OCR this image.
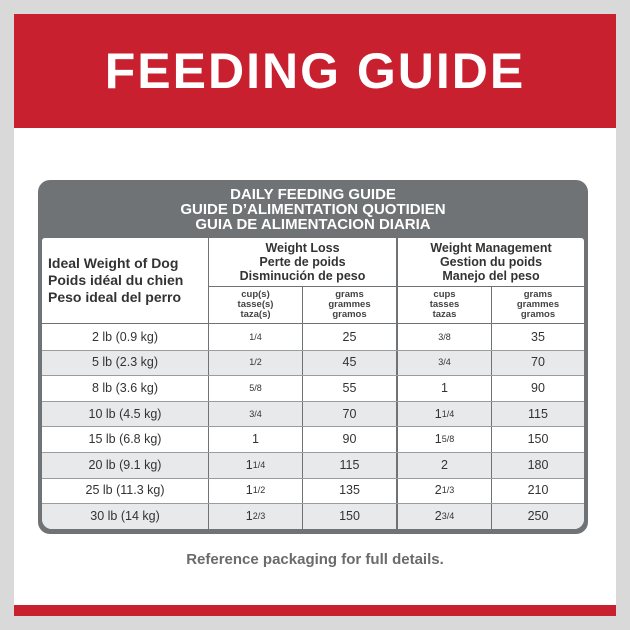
FEEDING GUIDE
DAILY FEEDING GUIDE
GUIDE D’ALIMENTATION QUOTIDIEN
GUIA DE ALIMENTACION DIARIA
Ideal Weight of Dog
Poids idéal du chien
Peso ideal del perro
Weight Loss
Perte de poids
Disminución de peso
Weight Management
Gestion du poids
Manejo del peso
cup(s)
tasse(s)
taza(s)
grams
grammes
gramos
cups
tasses
tazas
grams
grammes
gramos
2 lb (0.9 kg)	1/4	25	3/8	35
5 lb (2.3 kg)	1/2	45	3/4	70
8 lb (3.6 kg)	5/8	55	1	90
10 lb (4.5 kg)	3/4	70	1 1/4	115
15 lb (6.8 kg)	1	90	1 5/8	150
20 lb (9.1 kg)	1 1/4	115	2	180
25 lb (11.3 kg)	1 1/2	135	2 1/3	210
30 lb (14 kg)	1 2/3	150	2 3/4	250
Reference packaging for full details.
